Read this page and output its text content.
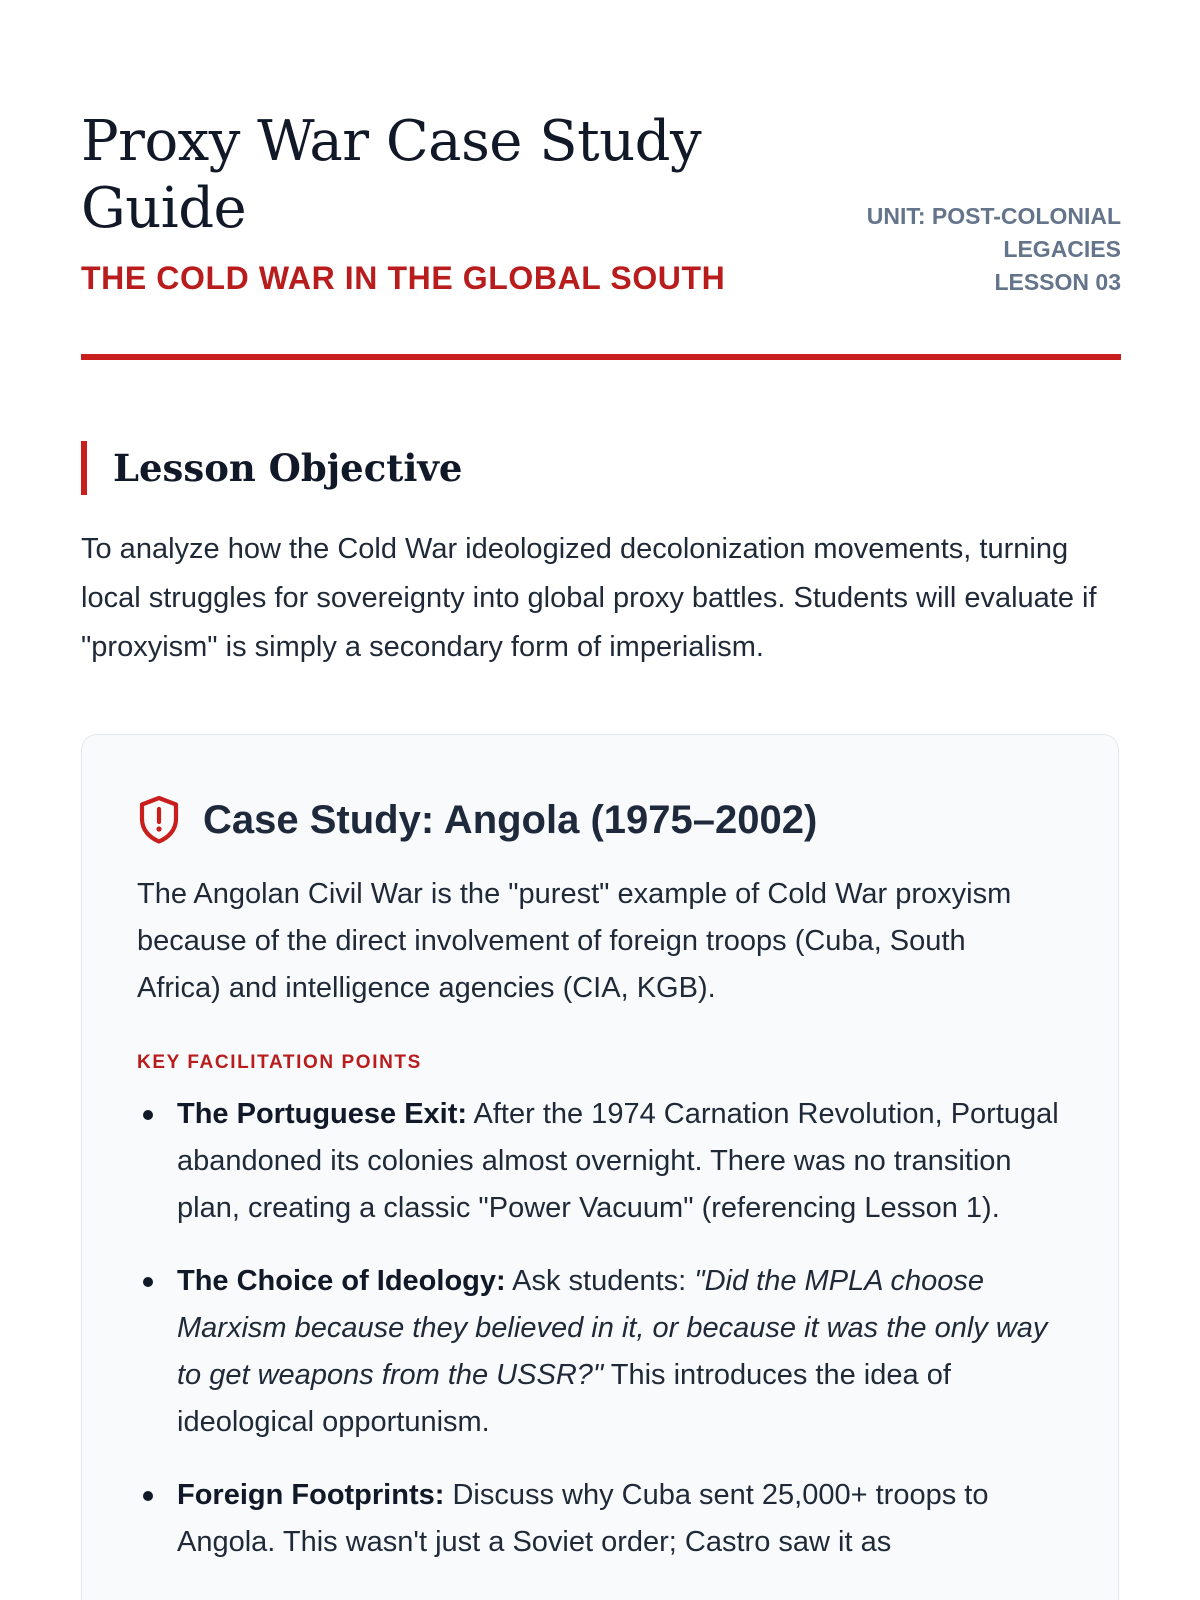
Proxy War Case Study Guide

THE COLD WAR IN THE GLOBAL SOUTH

UNIT: POST-COLONIAL
LEGACIES
LESSON 03
Lesson Objective

To analyze how the Cold War ideologized decolonization movements, turning local struggles for sovereignty into global proxy battles. Students will evaluate if "proxyism" is simply a secondary form of imperialism.

Case Study: Angola (1975–2002)

The Angolan Civil War is the "purest" example of Cold War proxyism because of the direct involvement of foreign troops (Cuba, South Africa) and intelligence agencies (CIA, KGB).

KEY FACILITATION POINTS

The Portuguese Exit: After the 1974 Carnation Revolution, Portugal abandoned its colonies almost overnight. There was no transition plan, creating a classic "Power Vacuum" (referencing Lesson 1).
The Choice of Ideology: Ask students: "Did the MPLA choose Marxism because they believed in it, or because it was the only way to get weapons from the USSR?" This introduces the idea of ideological opportunism.
Foreign Footprints: Discuss why Cuba sent 25,000+ troops to Angola. This wasn't just a Soviet order; Castro saw it as
